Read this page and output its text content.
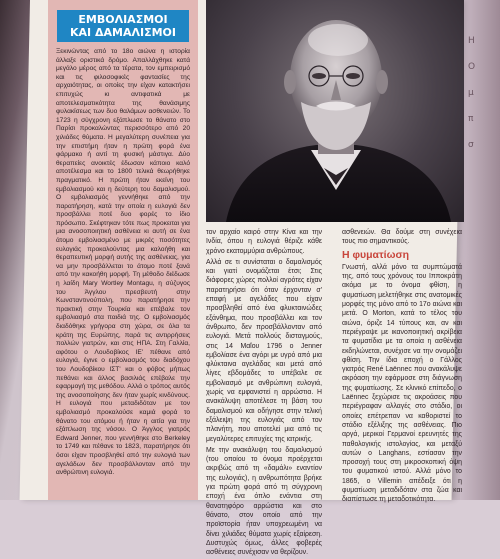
Η
Ο
μ
π
σ
ΕΜΒΟΛΙΑΣΜΟΙ
ΚΑΙ ΔΑΜΑΛΙΣΜΟΙ
Ξεκινώντας από το 18ο αιώνα η ιστορία άλλαξε οριστικά δρόμο. Απαλλάχθηκε κατά μεγάλο μέρος από τα τέρατα, τον εμπειρισμό και τις φιλοσοφικές φαντασίες της αρχαιότητας, οι οποίες την είχαν κατακτήσει επιτυχώς κι αντιφατικά με αποτελεσματικότητα της θανάσιμης φυλακίσεως των δυο θαλάμων ασθενειών. Το 1723 η σύγχρονη εξάπλωσε το θάνατο στο Παρίσι προκαλώντας περισσότερο από 20 χιλιάδες θύματα. Η μεγαλύτερη συνέπεια για την επιστήμη ήταν η πρώτη φορά ένα φάρμακο ή αντί τη φυσική μάστιγα. Δύο θεραπείες ανοικτές έδωσαν κάποιο καλό αποτέλεσμα και το 1800 τελικά θεωρήθηκε πραγματικό. Η πρώτη ήταν εκείνη του εμβολιασμού και η δεύτερη του δαμαλισμού. Ο εμβολιασμός γεννήθηκε από την παρατήρηση, κατά την οποία η ευλογιά δεν προσβάλλει ποτέ δυο φορές το ίδιο πρόσωπο. Σκέφτηκαν τότε πως προκειται για μια ανοσοποιητική ασθένεια κι αυτή σε ένα άτομο εμβολιασμένο με μικρές ποσότητες ευλογιάς προκαλούντας μια καλοήθη και θεραπευτική μορφή αυτής της ασθένειας, για να μην προσβάλλεται το άτομο ποτέ ξανά από την κακοήθη μορφή. Τη μέθοδο διέδωσε η λαίδη Mary Wortley Montagu, η σύζυγος του Άγγλου πρεσβευτή στην Κωνσταντινούπολη, που παρατήρησε την πρακτική στην Τουρκία και επέβαλε τον εμβολιασμό στα παιδιά της. Ο εμβολιασμός διαδόθηκε γρήγορα στη χώρα, σε όλα τα κράτη της Ευρώπης, παρά τις αντιρρήσεις πολλών γιατρών, και στις ΗΠΑ. Στη Γαλλία, αφότου ο Λουδοβίκος ΙΕ' πέθανε από ευλογιά, έγινε ο εμβολιασμός του διαδόχου του Λουδοβίκου ΙΣΤ' και ο φόβος μήπως πεθάνει και άλλος βασιλιάς επέβαλε την εφαρμογή της μεθόδου. Αλλά ο τρόπος αυτός της ανοσοποίησης δεν ήταν χωρίς κινδύνους. Η ευλογιά που μεταδιδόταν με τον εμβολιασμό προκαλούσε καμιά φορά το θάνατο του ατόμου ή ήταν η αιτία για την εξάπλωση της νόσου. Ο Άγγλος γιατρός Edward Jenner, που γεννήθηκε στο Berkeley το 1749 και πέθανε το 1823, παρατήρησε ότι όσοι είχαν προσβληθεί από την ευλογιά των αγελάδων δεν προσβάλλονταν από την ανθρώπινη ευλογιά.

τον αρχαίο καιρό στην Κίνα και την Ινδία, όπου η ευλογιά θέριζε κάθε χρόνο εκατομμύρια ανθρώπους.

Αλλά σε τι συνίσταται ο δαμαλισμός και γιατί ονομάζεται έτσι; Στις διάφορες χώρες πολλοί αγρότες είχαν παρατηρήσει ότι όταν έρχονταν σ' επαφή με αγελάδες που είχαν προσβληθεί από ένα φλυκταινώδες εξάνθημα, που προσβάλλει και τον άνθρωπο, δεν προσβάλλονταν από ευλογιά. Μετά πολλούς δισταγμούς, στις 14 Μαΐου 1796 ο Jenner εμβολίασε ένα αγόρι με υγρό από μια φλύκταινα αγελάδας και μετά από λίγες εβδομάδες το υπέβαλε σε εμβολιασμό με ανθρώπινη ευλογιά, χωρίς να εμφανιστεί η αρρώστια. Η ανακάλυψη αποτέλεσε τη βάση του δαμαλισμού και οδήγησε στην τελική εξάλειψη της ευλογιάς από τον πλανήτη, που αποτελεί μια από τις μεγαλύτερες επιτυχίες της ιατρικής.

Με την ανακάλυψη του δαμαλισμού (του οποίου το όνομα προέρχεται ακριβώς από τη «δαμάλι» εναντίον της ευλογιάς), η ανθρωπότητα βρήκε για πρώτη φορά από τη σύγχρονη εποχή ένα όπλο ενάντια στη θανατηφόρο αρρώστια και στο θάνατο, στον οποίο από την προϊστορία ήταν υποχρεωμένη να δίνει χιλιάδες θύματα χωρίς εξαίρεση. Δυστυχώς όμως, άλλες φοβερές ασθένειες συνέχισαν να θερίζουν.

ασθενειών. Θα δούμε στη συνέχεια τους πιο σημαντικούς.

Η φυματίωση

Γνωστή, αλλά μόνο τα συμπτώματά της, από τους χρόνους του Ιπποκράτη ακόμα με το όνομα φθίση, η φυματίωση μελετήθηκε στις ανατομικές μορφές της μόνο από το 17ο αιώνα και μετά. Ο Morton, κατά το τέλος του αιώνα, όριζε 14 τύπους και, αν και περιέγραψε με ικανοποιητική ακρίβεια τα φυματίδια με τα οποία η ασθένεια εκδηλώνεται, συνέχισε να την ονομάζει φθίση. Την ίδια εποχή ο Γάλλος γιατρός René Laënnec που ανακάλυψε ακρόαση την εφάρμοσε στη διάγνωση της φυματίωσης. Σε κλινικό επίπεδο, ο Laënnec ξεχώρισε τις ακροάσεις που περιέγραφαν αλλαγές στο στάδιο, οι οποίες επέτρεπαν να καθοριστεί το στάδιο εξέλιξης της ασθένειας. Πιο αργά, μερικοί Γερμανοί ερευνητές της παθολογικής ιστολογίας, και μεταξύ αυτών ο Langhans, εστίασαν την προσοχή τους στη μικροσκοπική όψη του φυματικού ιστού. Αλλά μόνο το 1865, ο Villemin απέδειξε ότι η φυματίωση μεταδιδόταν στα ζώα και διαπίστωσε τη μεταδοτικότητα.
